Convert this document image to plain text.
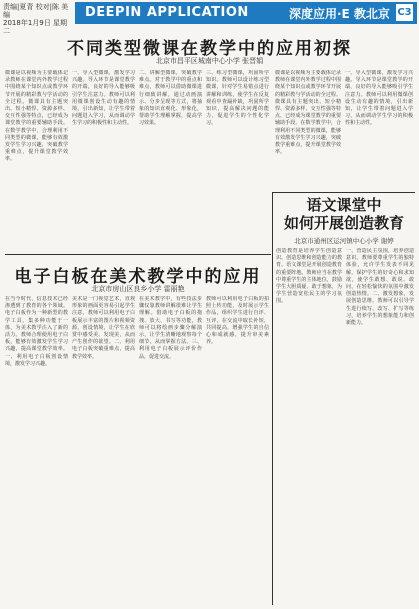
责编|夏青 校对|陈 美编
2018年1月9日 星期二
DEEPIN APPLICATION	深度应用·E 教北京 C3
不同类型微课在教学中的应用初探
北京市昌平区城南中心小学 张晋娟
微课是以视频为主要载体记录教师在课堂内外教学过程中围绕某个知识点或教学环节开展的精彩教与学活动的全过程。微课具有主题突出、短小精悍、资源多样、交互性强等特点，已经成为课堂教学的重要辅助手段。在数学教学中，合理利用不同类型的微课，能够有效激发学生学习兴趣，突破教学重难点，提升课堂教学效率。
一、导入型微课，激发学习兴趣。导入环节是课堂教学的开端，良好的导入能够吸引学生注意力。教师可以利用微课创设生动有趣的情境，引出新知，让学生带着问题进入学习，从而调动学生学习的积极性和主动性。
二、讲解型微课，突破教学难点。对于教学中的重点和难点，教师可以借助微课进行细致讲解，通过动画演示、分步呈现等方式，将抽象的知识直观化、形象化，帮助学生理解掌握，提高学习效果。
三、练习型微课，巩固所学知识。教师可以设计练习型微课，针对学生易错点进行讲解和训练，使学生在反复观看中查漏补缺，巩固所学知识，提高解决问题的能力，促进学生的个性化学习。
微课是以视频为主要载体记录教师在课堂内外教学过程中围绕某个知识点或教学环节开展的精彩教与学活动的全过程。微课具有主题突出、短小精悍、资源多样、交互性强等特点，已经成为课堂教学的重要辅助手段。在数学教学中，合理利用不同类型的微课，能够有效激发学生学习兴趣，突破教学重难点，提升课堂教学效率。
一、导入型微课，激发学习兴趣。导入环节是课堂教学的开端，良好的导入能够吸引学生注意力。教师可以利用微课创设生动有趣的情境，引出新知，让学生带着问题进入学习，从而调动学生学习的积极性和主动性。
语文课堂中
如何开展创造教育
北京市通州区运河镇中心小学 谢婷
创造教育是培养学生创造意识、创造思维和创造能力的教育。语文课堂是开展创造教育的重要阵地。教师应当在教学中尊重学生的主体地位，鼓励学生大胆质疑、敢于想象，为学生营造宽松民主的学习氛围。
一、营造民主氛围，培养创造意识。教师要尊重学生的独特体验，允许学生发表不同见解，保护学生的好奇心和求知欲，使学生敢想、敢说、敢问，在轻松愉快的氛围中激发创造热情。二、激发想象，发展创造思维。教师可以引导学生进行续写、改写、扩写等练习，培养学生的想象能力和创新能力。
电子白板在美术教学中的应用
北京市房山区良乡小学 雷丽艳
在当今时代，信息技术已经渗透到了教育的各个领域。电子白板作为一种新型的教学工具，集多种功能于一体，为美术教学注入了新的活力。教师合理使用电子白板，能够有效激发学生学习兴趣，提高课堂教学效率。一、利用电子白板创设情境，激发学习兴趣。
美术是一门视觉艺术，直观形象的画面更容易引起学生注意。教师可以利用电子白板展示丰富的图片和视频资源，创设情境，让学生在欣赏中感受美、发现美，从而产生创作的欲望。二、利用电子白板突破重难点，提高教学效率。
在美术教学中，有些技法步骤仅靠教师讲解很难让学生理解。借助电子白板的拖拽、放大、书写等功能，教师可以将绘画步骤分解演示，让学生清晰地观察每个细节，从而掌握方法。三、利用电子白板展示评价作品，促进交流。
教师可以利用电子白板的拍照上传功能，及时展示学生作品，组织学生进行自评、互评，在交流中取长补短，共同提高，增强学生的自信心和成就感，提升审美素养。
